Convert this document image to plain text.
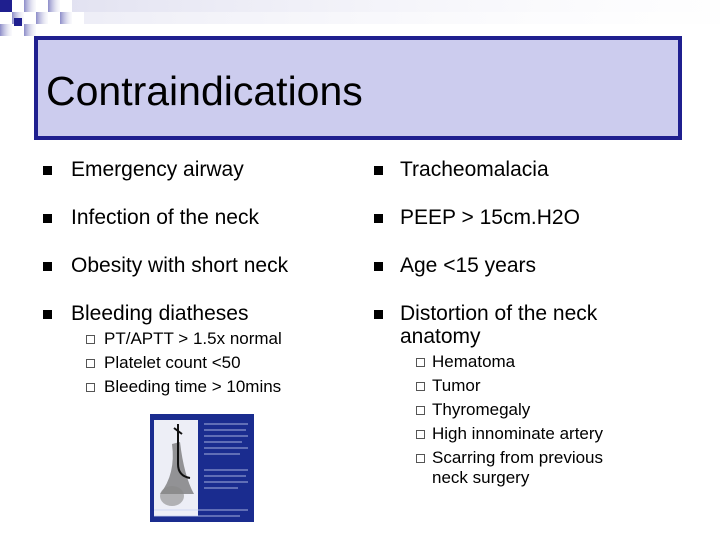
Contraindications
Emergency airway
Infection of the neck
Obesity with short neck
Bleeding diatheses
PT/APTT > 1.5x normal
Platelet count <50
Bleeding time > 10mins
Tracheomalacia
PEEP > 15cm.H2O
Age <15 years
Distortion of the neck
anatomy
Hematoma
Tumor
Thyromegaly
High innominate artery
Scarring from previous
neck surgery
